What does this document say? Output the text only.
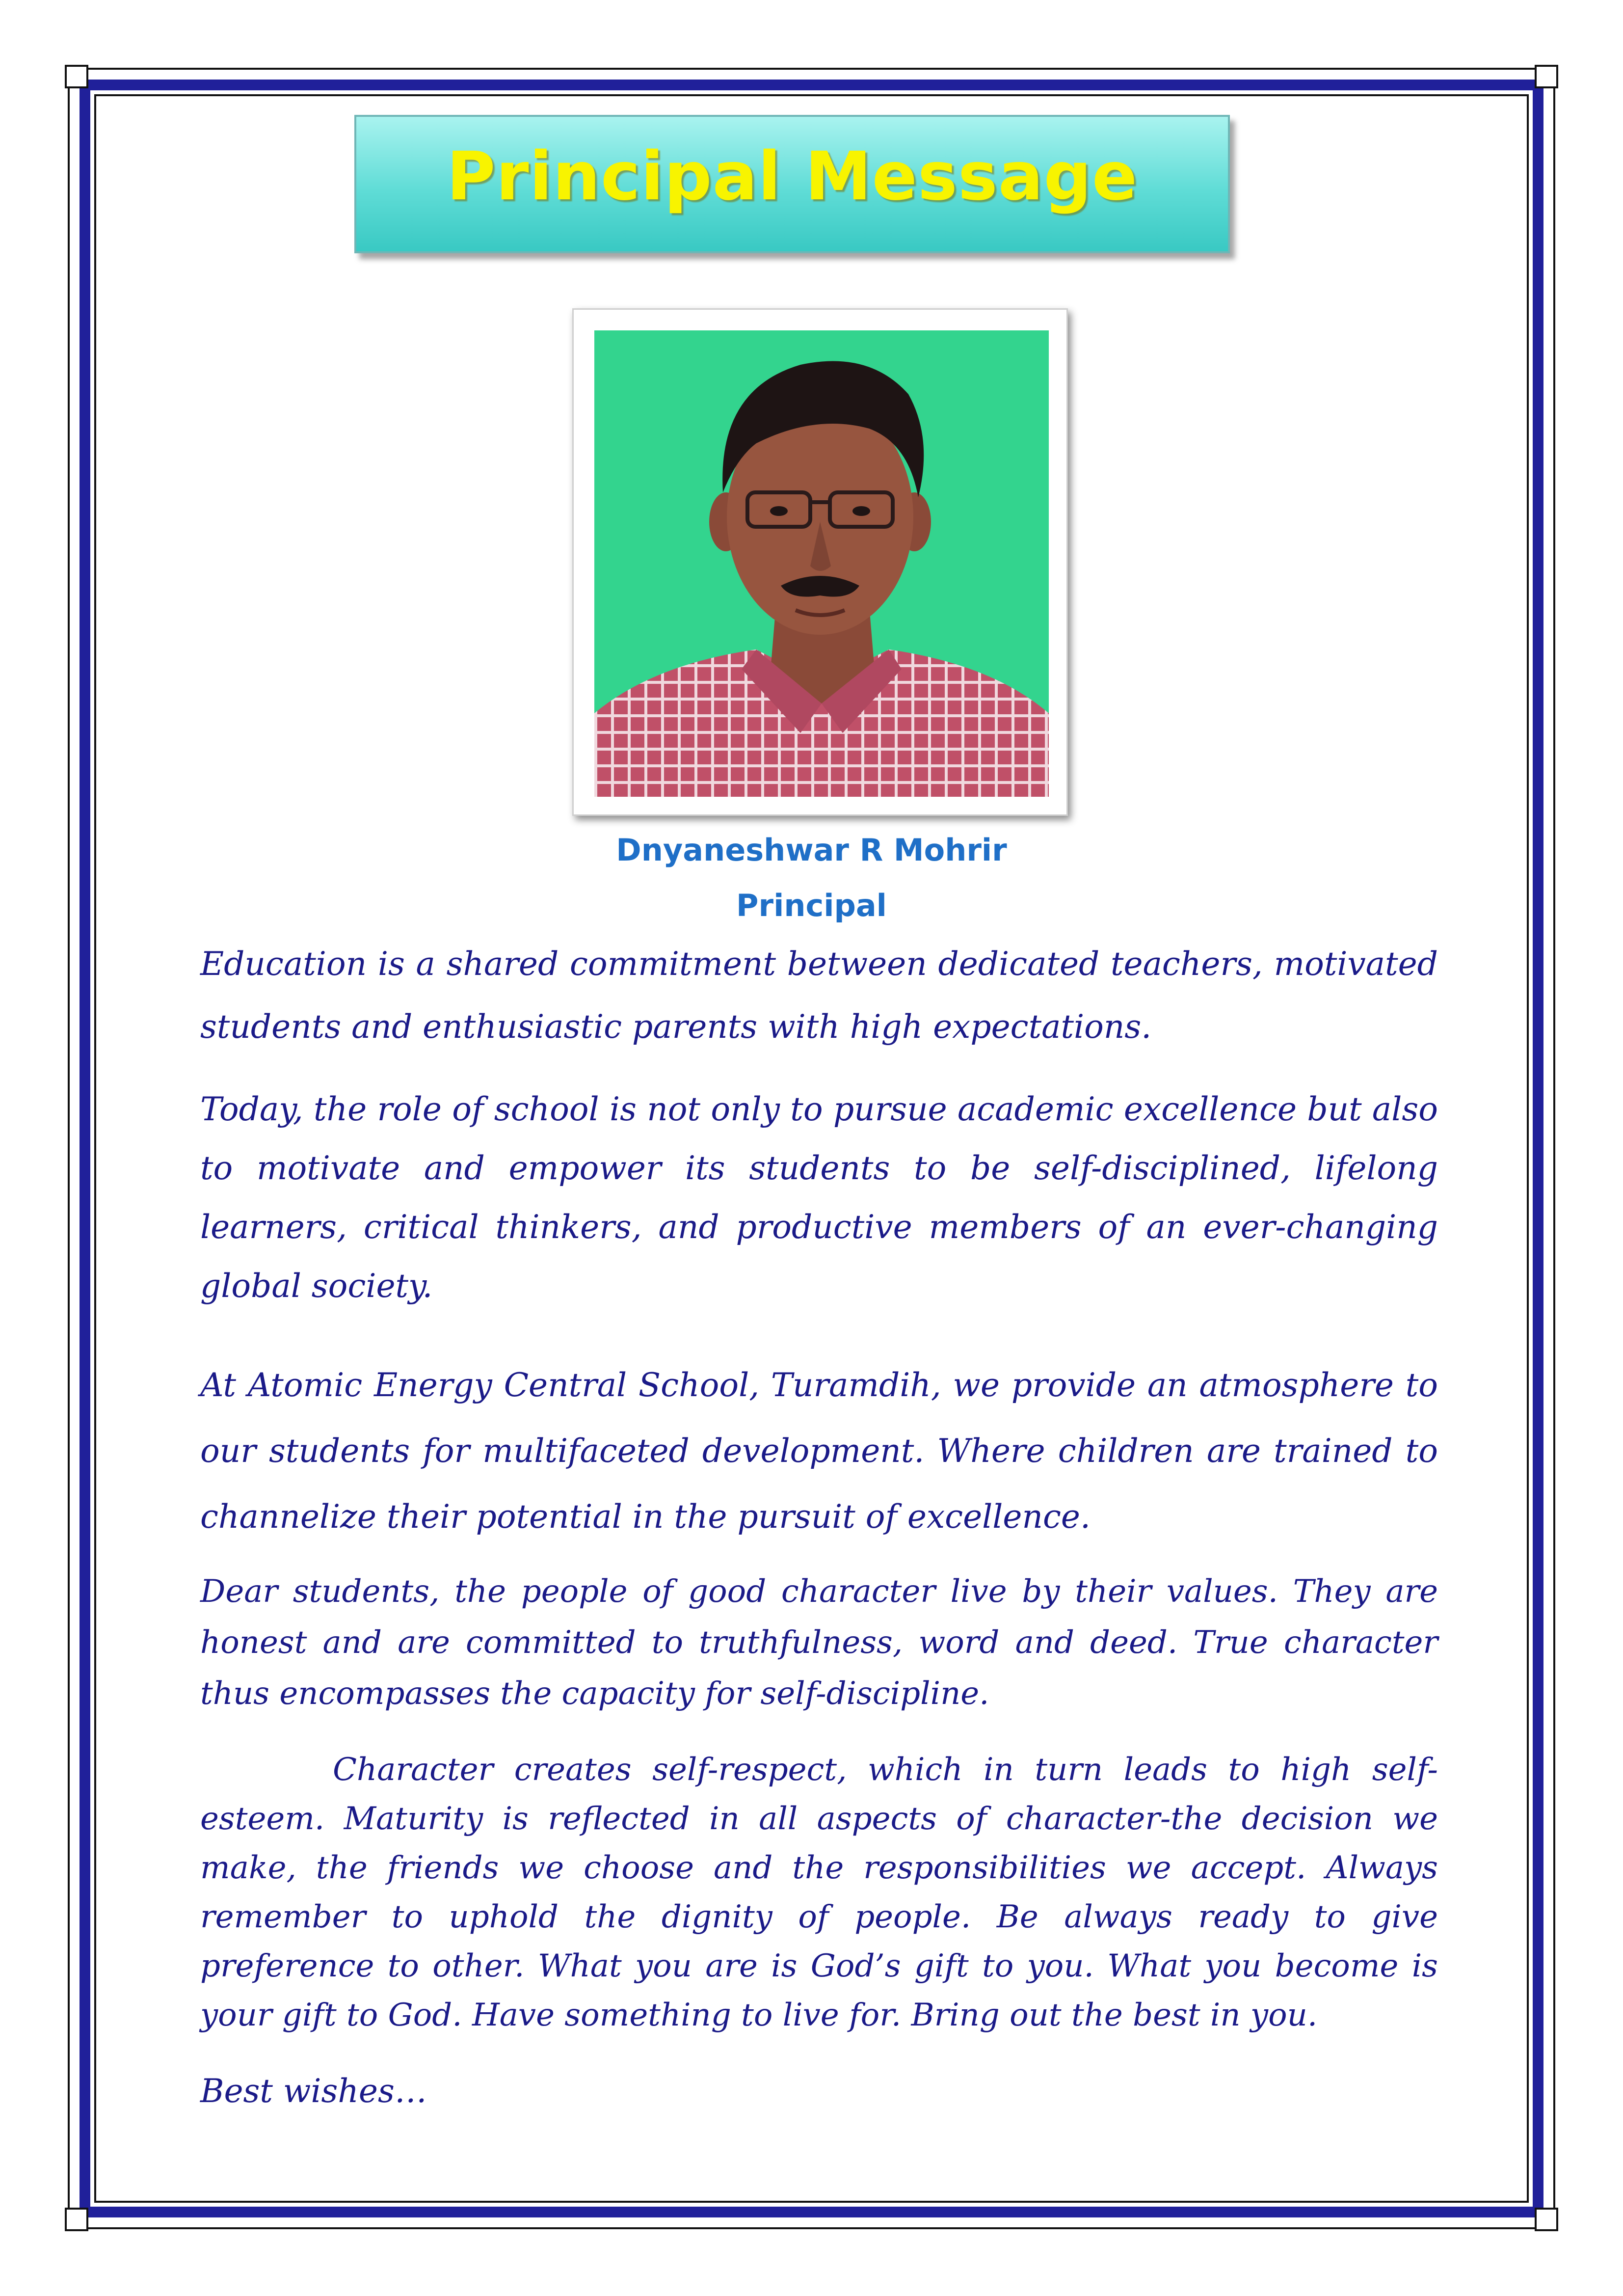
Principal Message
Dnyaneshwar R Mohrir
Principal

Education is a shared commitment between dedicated teachers, motivated students and enthusiastic parents with high expectations.

Today, the role of school is not only to pursue academic excellence but also to motivate and empower its students to be self-disciplined, lifelong learners, critical thinkers, and productive members of an ever-changing global society.

At Atomic Energy Central School, Turamdih, we provide an atmosphere to our students for multifaceted development. Where children are trained to channelize their potential in the pursuit of excellence.

Dear students, the people of good character live by their values. They are honest and are committed to truthfulness, word and deed. True character thus encompasses the capacity for self-discipline.

Character creates self-respect, which in turn leads to high self-esteem. Maturity is reflected in all aspects of character-the decision we make, the friends we choose and the responsibilities we accept. Always remember to uphold the dignity of people. Be always ready to give preference to other. What you are is God’s gift to you. What you become is your gift to God. Have something to live for. Bring out the best in you.

Best wishes…
